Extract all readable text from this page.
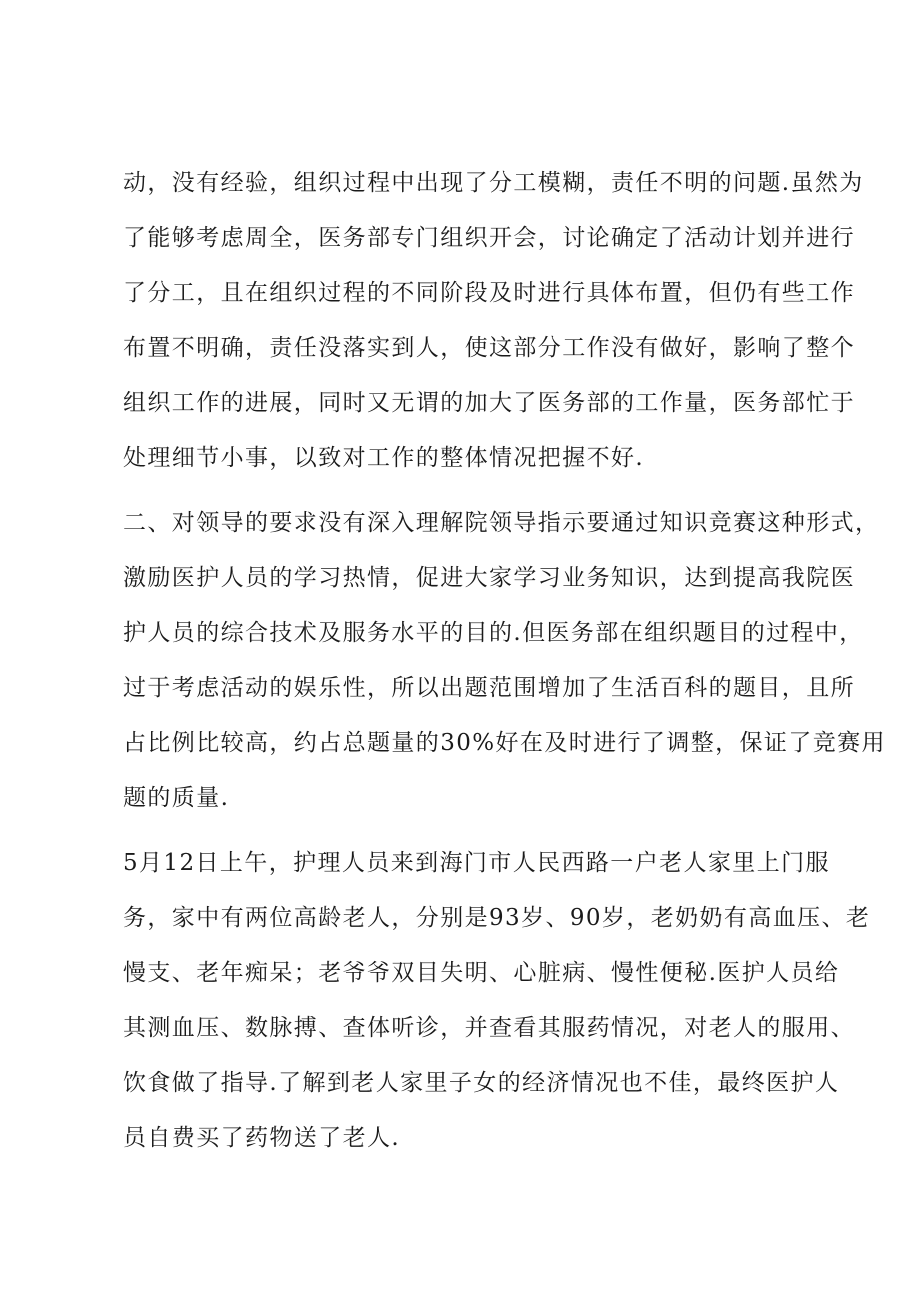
动，没有经验，组织过程中出现了分工模糊，责任不明的问题.虽然为
了能够考虑周全，医务部专门组织开会，讨论确定了活动计划并进行
了分工，且在组织过程的不同阶段及时进行具体布置，但仍有些工作
布置不明确，责任没落实到人，使这部分工作没有做好，影响了整个
组织工作的进展，同时又无谓的加大了医务部的工作量，医务部忙于
处理细节小事，以致对工作的整体情况把握不好.
二、对领导的要求没有深入理解院领导指示要通过知识竞赛这种形式，
激励医护人员的学习热情，促进大家学习业务知识，达到提高我院医
护人员的综合技术及服务水平的目的.但医务部在组织题目的过程中，
过于考虑活动的娱乐性，所以出题范围增加了生活百科的题目，且所
占比例比较高，约占总题量的30%好在及时进行了调整，保证了竞赛用
题的质量.
5月12日上午，护理人员来到海门市人民西路一户老人家里上门服
务，家中有两位高龄老人，分别是93岁、90岁，老奶奶有高血压、老
慢支、老年痴呆；老爷爷双目失明、心脏病、慢性便秘.医护人员给
其测血压、数脉搏、查体听诊，并查看其服药情况，对老人的服用、
饮食做了指导.了解到老人家里子女的经济情况也不佳，最终医护人
员自费买了药物送了老人.
